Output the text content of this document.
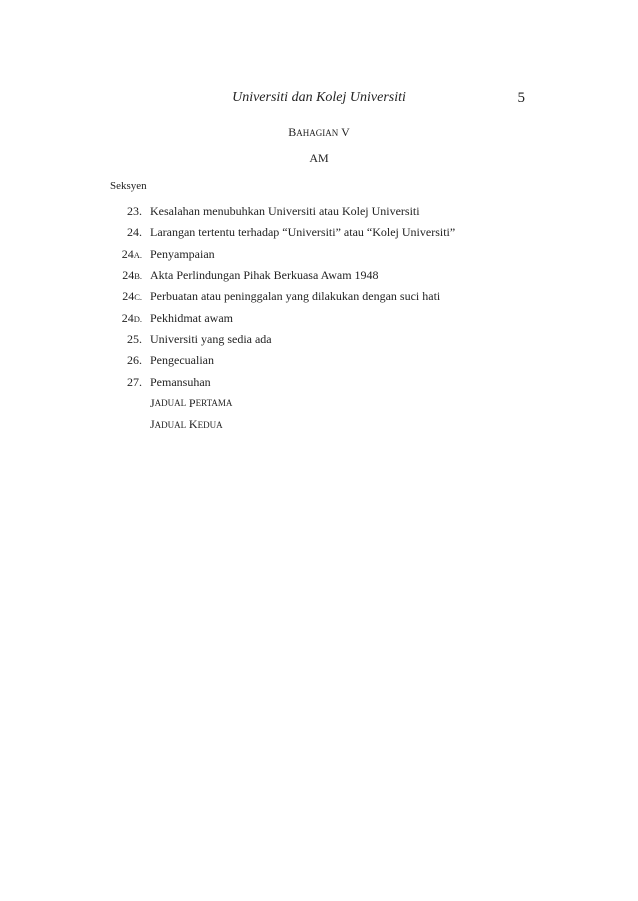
Universiti dan Kolej Universiti	5
BAHAGIAN V
AM
Seksyen
23. Kesalahan menubuhkan Universiti atau Kolej Universiti
24. Larangan tertentu terhadap “Universiti” atau “Kolej Universiti”
24A. Penyampaian
24B. Akta Perlindungan Pihak Berkuasa Awam 1948
24C. Perbuatan atau peninggalan yang dilakukan dengan suci hati
24D. Pekhidmat awam
25. Universiti yang sedia ada
26. Pengecualian
27. Pemansuhan
J ADUAL
P ERTAMA
J ADUAL
K EDUA
